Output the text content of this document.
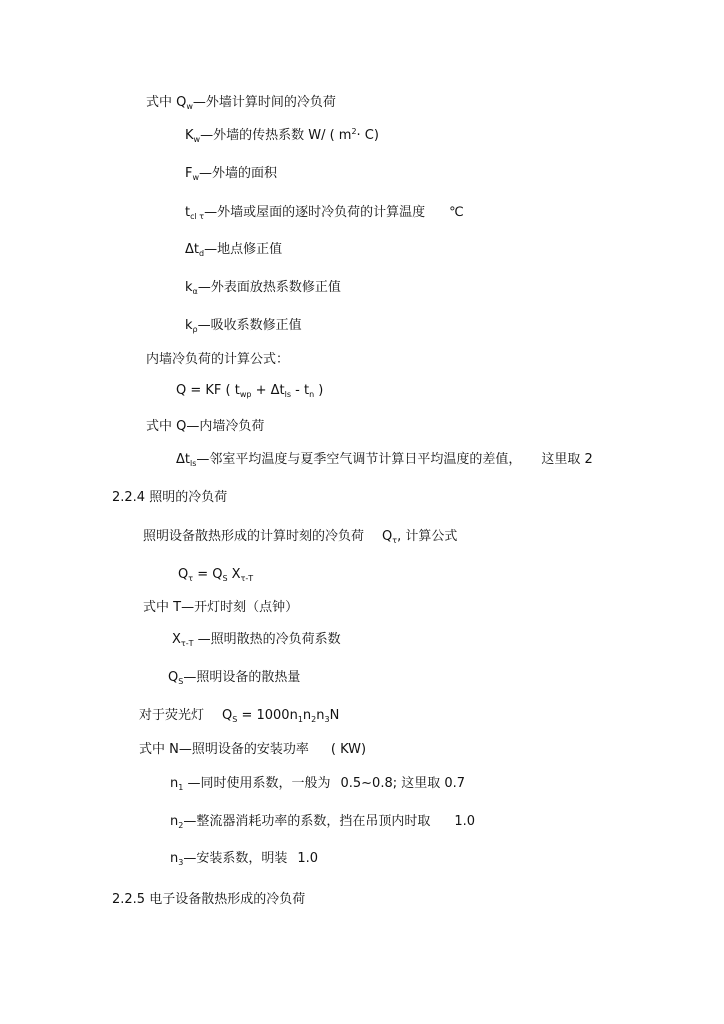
式中 $Q_w—$外墙计算时间的冷负荷
$K_w—$外墙的传热系数 W/ ( $m^2\cdot C$)
$F_w—$外墙的面积
$t_{cl \tau}—$外墙或屋面的逐时冷负荷的计算温度 ℃
$\Delta t_d—$地点修正值
$k_\alpha—$外表面放热系数修正值
$k_\rho—$吸收系数修正值
内墙冷负荷的计算公式：
Q = KF ( $t_{wp} + \Delta t_{ls} - t_n$ )
式中 Q—内墙冷负荷
$\Delta t_{ls}—$邻室平均温度与夏季空气调节计算日平均温度的差值， 这里取 2
2.2.4 照明的冷负荷
照明设备散热形成的计算时刻的冷负荷 $Q_\tau$, 计算公式
$Q_\tau = Q_S$ $X_{\tau-T}$
式中 T—开灯时刻（点钟）
$X_{\tau-T}$ —照明散热的冷负荷系数
$Q_S—$照明设备的散热量
对于荧光灯 $Q_S = 1000n_1n_2n_3N$
式中 N—照明设备的安装功率 ( KW)
$n_1$ —同时使用系数，一般为 0.5~0.8; 这里取 0.7
$n_2—$整流器消耗功率的系数，挡在吊顶内时取 1.0
$n_3—$安装系数，明装 1.0
2.2.5 电子设备散热形成的冷负荷
